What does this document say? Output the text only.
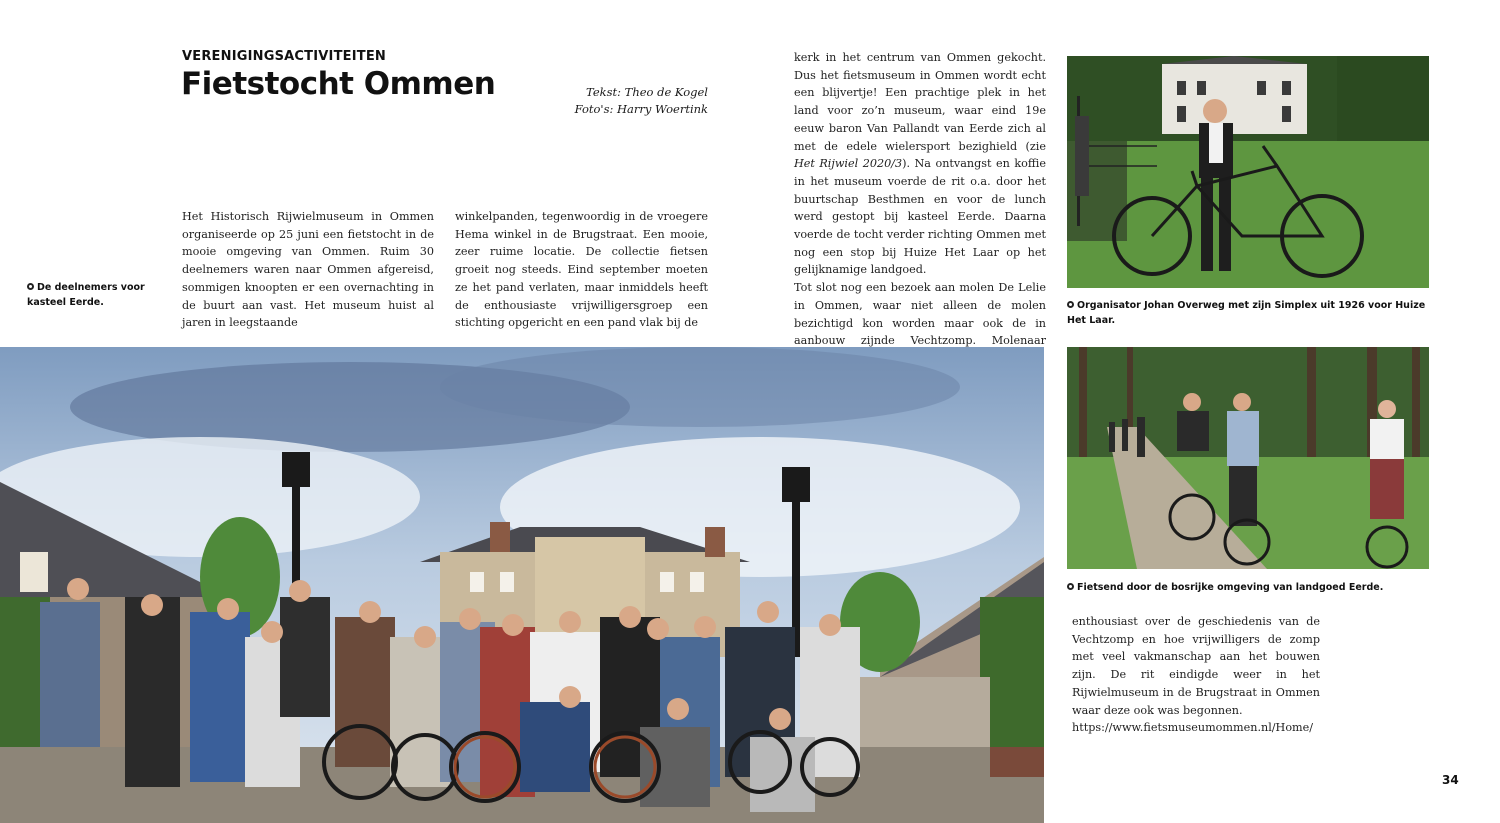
VERENIGINGSACTIVITEITEN
Fietstocht Ommen	Tekst: Theo de Kogel
Foto's: Harry Woertink
Het Historisch Rijwielmuseum in Ommen organiseerde op 25 juni een fietstocht in de mooie omgeving van Ommen. Ruim 30 deelnemers waren naar Ommen afgereisd, sommigen knoopten er een overnachting in de buurt aan vast. Het museum huist al jaren in leegstaande
winkelpanden, tegenwoordig in de vroegere Hema winkel in de Brugstraat. Een mooie, zeer ruime locatie. De collectie fietsen groeit nog steeds. Eind september moeten ze het pand verlaten, maar inmiddels heeft de enthousiaste vrijwilligersgroep een stichting opgericht en een pand vlak bij de
kerk in het centrum van Ommen gekocht. Dus het fietsmuseum in Ommen wordt echt een blijvertje! Een prachtige plek in het land voor zo’n museum, waar eind 19e eeuw baron Van Pallandt van Eerde zich al met de edele wielersport bezighield (zie Het Rijwiel 2020/3). Na ontvangst en koffie in het museum voerde de rit o.a. door het buurtschap Besthmen en voor de lunch werd gestopt bij kasteel Eerde. Daarna voerde de tocht verder richting Ommen met nog een stop bij Huize Het Laar op het gelijknamige landgoed.
Tot slot nog een bezoek aan molen De Lelie in Ommen, waar niet alleen de molen bezichtigd kon worden maar ook de in aanbouw zijnde Vechtzomp. Molenaar
enthousiast over de geschiedenis van de Vechtzomp en hoe vrijwilligers de zomp met veel vakmanschap aan het bouwen zijn. De rit eindigde weer in het Rijwielmuseum in de Brugstraat in Ommen waar deze ook was begonnen.
https://www.fietsmuseumommen.nl/Home/
De deelnemers voor kasteel Eerde.	Organisator Johan Overweg met zijn Simplex uit 1926 voor Huize Het Laar.
Fietsend door de bosrijke omgeving van landgoed Eerde.
34
